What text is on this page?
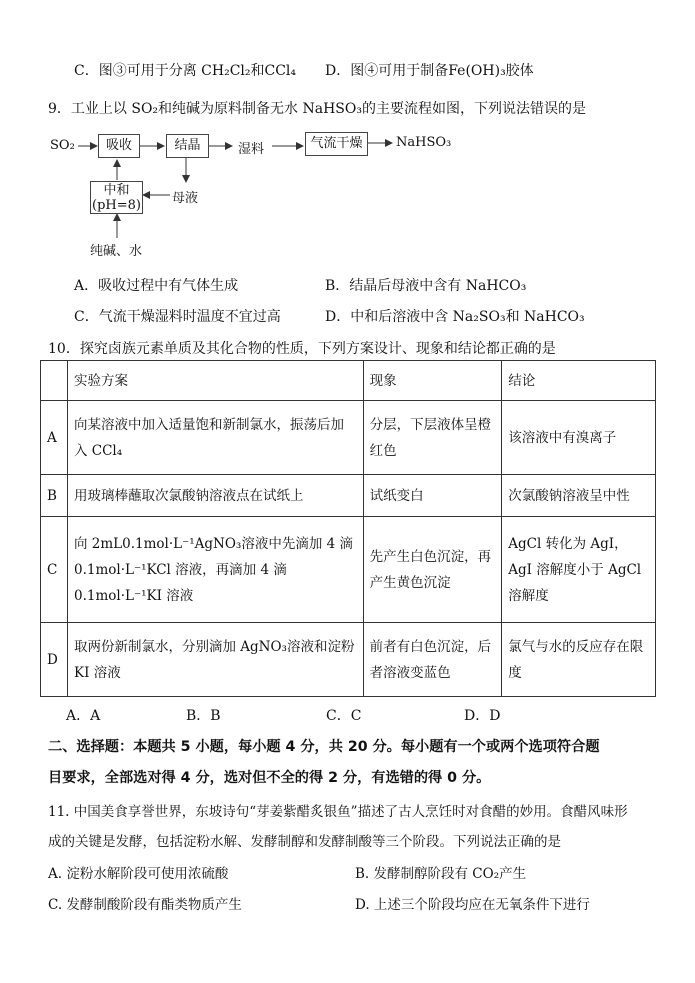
C．图③可用于分离 CH₂Cl₂和CCl₄ D．图④可用于制备Fe(OH)₃胶体
9．工业上以 SO₂和纯碱为原料制备无水 NaHSO₃的主要流程如图，下列说法错误的是
SO₂	吸收	结晶	湿料	气流干燥	NaHSO₃
中和
(pH=8) 母液
纯碱、水
A．吸收过程中有气体生成	B．结晶后母液中含有 NaHCO₃
C．气流干燥湿料时温度不宜过高	D．中和后溶液中含 Na₂SO₃和 NaHCO₃
10．探究卤族元素单质及其化合物的性质，下列方案设计、现象和结论都正确的是
	实验方案	现象	结论
A	向某溶液中加入适量饱和新制氯水，振荡后加入 CCl₄	分层，下层液体呈橙红色	该溶液中有溴离子
B	用玻璃棒蘸取次氯酸钠溶液点在试纸上	试纸变白	次氯酸钠溶液呈中性
C	向 2mL0.1mol·L⁻¹AgNO₃溶液中先滴加 4 滴 0.1mol·L⁻¹KCl 溶液，再滴加 4 滴 0.1mol·L⁻¹KI 溶液	先产生白色沉淀，再产生黄色沉淀	AgCl 转化为 AgI，AgI 溶解度小于 AgCl 溶解度
D	取两份新制氯水，分别滴加 AgNO₃溶液和淀粉 KI 溶液	前者有白色沉淀，后者溶液变蓝色	氯气与水的反应存在限度
A．A	B．B	C．C	D．D
二、选择题：本题共 5 小题，每小题 4 分，共 20 分。每小题有一个或两个选项符合题
目要求，全部选对得 4 分，选对但不全的得 2 分，有选错的得 0 分。
11. 中国美食享誉世界，东坡诗句“芽姜紫醋炙银鱼”描述了古人烹饪时对食醋的妙用。食醋风味形
成的关键是发酵，包括淀粉水解、发酵制醇和发酵制酸等三个阶段。下列说法正确的是
A. 淀粉水解阶段可使用浓硫酸	B. 发酵制醇阶段有 CO₂产生
C. 发酵制酸阶段有酯类物质产生	D. 上述三个阶段均应在无氧条件下进行
